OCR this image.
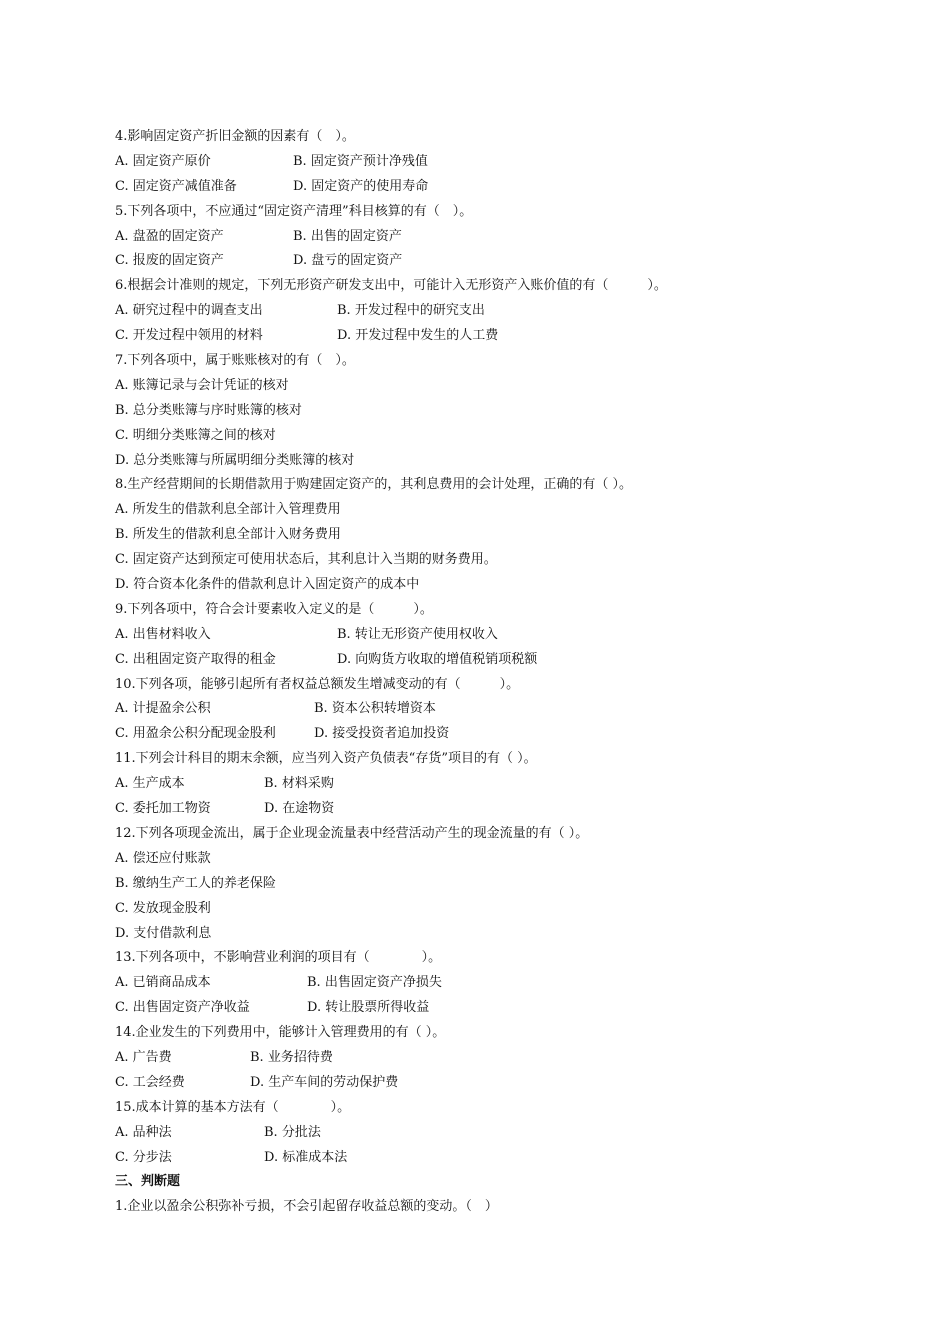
4.影响固定资产折旧金额的因素有（　）。
A. 固定资产原价	B. 固定资产预计净残值
C. 固定资产减值准备	D. 固定资产的使用寿命
5.下列各项中，不应通过“固定资产清理”科目核算的有（　）。
A. 盘盈的固定资产	B. 出售的固定资产
C. 报废的固定资产	D. 盘亏的固定资产
6.根据会计准则的规定，下列无形资产研发支出中，可能计入无形资产入账价值的有（　　　）。
A. 研究过程中的调查支出	B. 开发过程中的研究支出
C. 开发过程中领用的材料	D. 开发过程中发生的人工费
7.下列各项中，属于账账核对的有（　）。
A. 账簿记录与会计凭证的核对
B. 总分类账簿与序时账簿的核对
C. 明细分类账簿之间的核对
D. 总分类账簿与所属明细分类账簿的核对
8.生产经营期间的长期借款用于购建固定资产的，其利息费用的会计处理，正确的有（ ）。
A. 所发生的借款利息全部计入管理费用
B. 所发生的借款利息全部计入财务费用
C. 固定资产达到预定可使用状态后，其利息计入当期的财务费用。
D. 符合资本化条件的借款利息计入固定资产的成本中
9.下列各项中，符合会计要素收入定义的是（　　　）。
A. 出售材料收入	B. 转让无形资产使用权收入
C. 出租固定资产取得的租金	D. 向购货方收取的增值税销项税额
10.下列各项，能够引起所有者权益总额发生增减变动的有（　　　）。
A. 计提盈余公积	B. 资本公积转增资本
C. 用盈余公积分配现金股利	D. 接受投资者追加投资
11.下列会计科目的期末余额，应当列入资产负债表“存货”项目的有（ ）。
A. 生产成本	B. 材料采购
C. 委托加工物资	D. 在途物资
12.下列各项现金流出，属于企业现金流量表中经营活动产生的现金流量的有（ ）。
A. 偿还应付账款
B. 缴纳生产工人的养老保险
C. 发放现金股利
D. 支付借款利息
13.下列各项中，不影响营业利润的项目有（　　　　）。
A. 已销商品成本	B. 出售固定资产净损失
C. 出售固定资产净收益	D. 转让股票所得收益
14.企业发生的下列费用中，能够计入管理费用的有（ ）。
A. 广告费	B. 业务招待费
C. 工会经费	D. 生产车间的劳动保护费
15.成本计算的基本方法有（　　　　）。
A. 品种法	B. 分批法
C. 分步法	D. 标准成本法
三、判断题
1.企业以盈余公积弥补亏损，不会引起留存收益总额的变动。（　）
